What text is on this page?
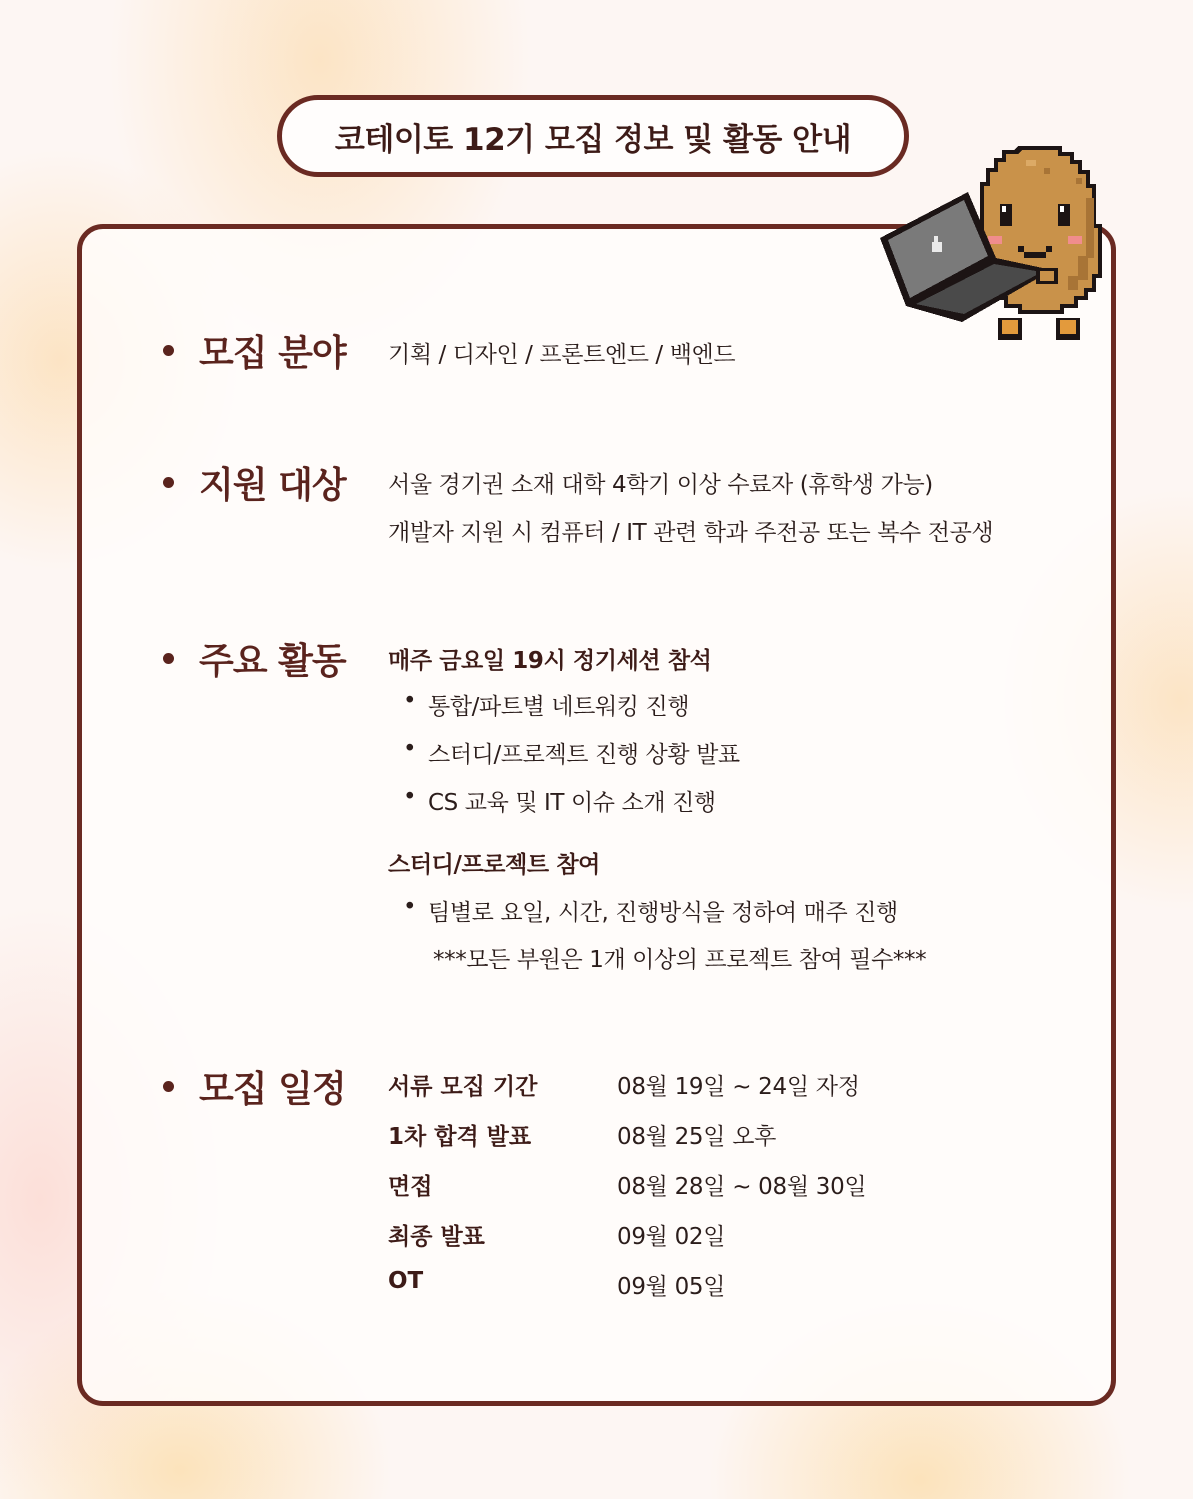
코테이토 12기 모집 정보 및 활동 안내
모집 분야 기획 / 디자인 / 프론트엔드 / 백엔드
지원 대상 서울 경기권 소재 대학 4학기 이상 수료자 (휴학생 가능)
개발자 지원 시 컴퓨터 / IT 관련 학과 주전공 또는 복수 전공생
주요 활동 매주 금요일 19시 정기세션 참석
• 통합/파트별 네트워킹 진행
• 스터디/프로젝트 진행 상황 발표
• CS 교육 및 IT 이슈 소개 진행
스터디/프로젝트 참여
• 팀별로 요일, 시간, 진행방식을 정하여 매주 진행
***모든 부원은 1개 이상의 프로젝트 참여 필수***
모집 일정 서류 모집 기간	08월 19일 ~ 24일 자정
1차 합격 발표	08월 25일 오후
면접	08월 28일 ~ 08월 30일
최종 발표	09월 02일
OT	09월 05일
